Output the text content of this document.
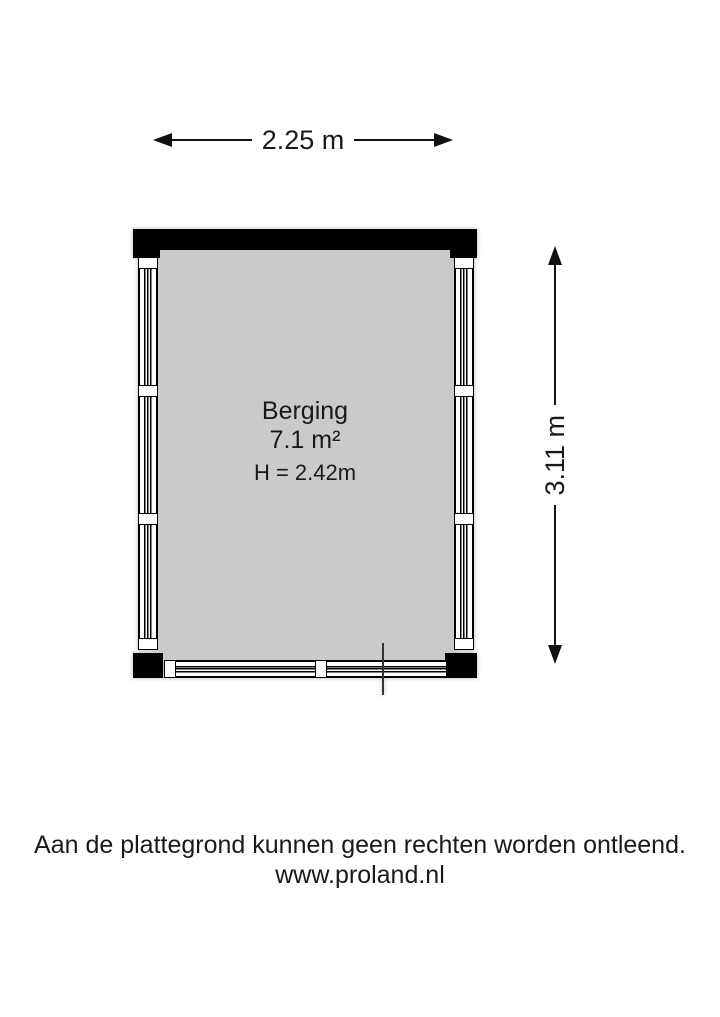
2.25 m
3.11 m
Berging
7.1 m²
H = 2.42m
Aan de plattegrond kunnen geen rechten worden ontleend.
www.proland.nl
